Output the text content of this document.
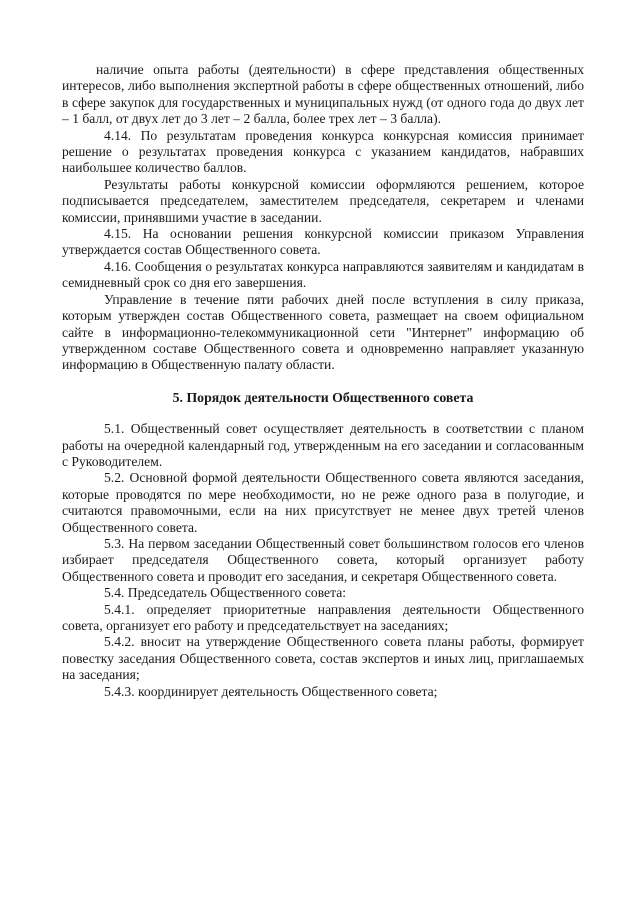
наличие опыта работы (деятельности) в сфере представления общественных интересов, либо выполнения экспертной работы в сфере общественных отношений, либо в сфере закупок для государственных и муниципальных нужд (от одного года до двух лет – 1 балл, от двух лет до 3 лет – 2 балла, более трех лет – 3 балла).

4.14. По результатам проведения конкурса конкурсная комиссия принимает решение о результатах проведения конкурса с указанием кандидатов, набравших наибольшее количество баллов.

Результаты работы конкурсной комиссии оформляются решением, которое подписывается председателем, заместителем председателя, секретарем и членами комиссии, принявшими участие в заседании.

4.15. На основании решения конкурсной комиссии приказом Управления утверждается состав Общественного совета.

4.16. Сообщения о результатах конкурса направляются заявителям и кандидатам в семидневный срок со дня его завершения.

Управление в течение пяти рабочих дней после вступления в силу приказа, которым утвержден состав Общественного совета, размещает на своем официальном сайте в информационно-телекоммуникационной сети "Интернет" информацию об утвержденном составе Общественного совета и одновременно направляет указанную информацию в Общественную палату области.

5. Порядок деятельности Общественного совета

5.1. Общественный совет осуществляет деятельность в соответствии с планом работы на очередной календарный год, утвержденным на его заседании и согласованным с Руководителем.

5.2. Основной формой деятельности Общественного совета являются заседания, которые проводятся по мере необходимости, но не реже одного раза в полугодие, и считаются правомочными, если на них присутствует не менее двух третей членов Общественного совета.

5.3. На первом заседании Общественный совет большинством голосов его членов избирает председателя Общественного совета, который организует работу Общественного совета и проводит его заседания, и секретаря Общественного совета.

5.4. Председатель Общественного совета:

5.4.1. определяет приоритетные направления деятельности Общественного совета, организует его работу и председательствует на заседаниях;

5.4.2. вносит на утверждение Общественного совета планы работы, формирует повестку заседания Общественного совета, состав экспертов и иных лиц, приглашаемых на заседания;

5.4.3. координирует деятельность Общественного совета;
